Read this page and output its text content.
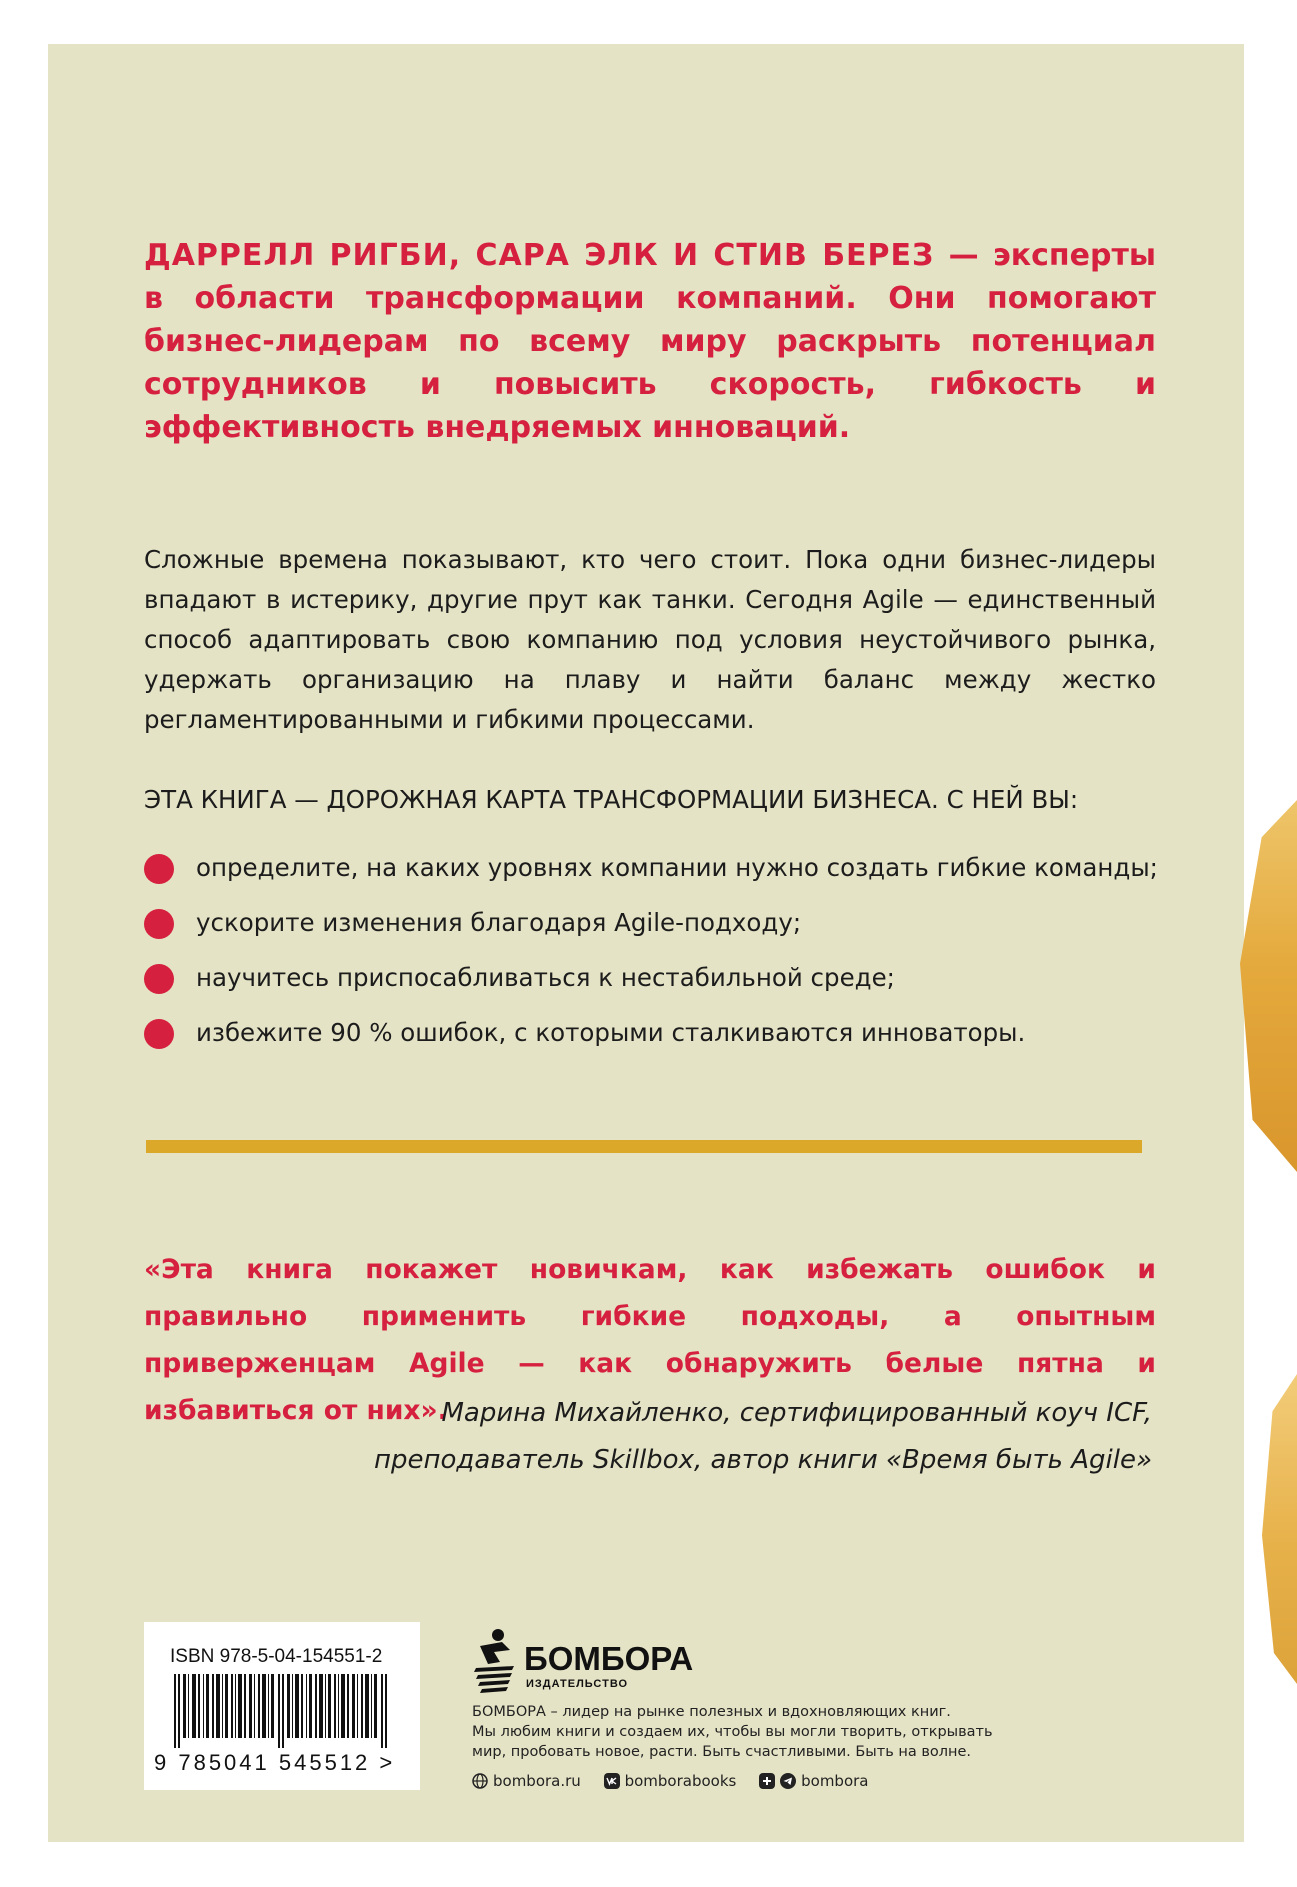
ДАРРЕЛЛ РИГБИ, САРА ЭЛК И СТИВ БЕРЕЗ — эксперты в области трансформации компаний. Они помогают бизнес-лидерам по всему миру раскрыть потенциал сотрудников и повысить скорость, гибкость и эффективность внедряемых инноваций.

Сложные времена показывают, кто чего стоит. Пока одни бизнес-лидеры впадают в истерику, другие прут как танки. Сегодня Agile — единственный способ адаптировать свою компанию под условия неустойчивого рынка, удержать организацию на плаву и найти баланс между жестко регламентированными и гибкими процессами.

ЭТА КНИГА — ДОРОЖНАЯ КАРТА ТРАНСФОРМАЦИИ БИЗНЕСА. С НЕЙ ВЫ:

определите, на каких уровнях компании нужно создать гибкие команды;
ускорите изменения благодаря Agile-подходу;
научитесь приспосабливаться к нестабильной среде;
избежите 90 % ошибок, с которыми сталкиваются инноваторы.

«Эта книга покажет новичкам, как избежать ошибок и правильно применить гибкие подходы, а опытным приверженцам Agile — как обнаружить белые пятна и избавиться от них».

Марина Михайленко, сертифицированный коуч ICF,
преподаватель Skillbox, автор книги «Время быть Agile»

ISBN 978-5-04-154551-2
9 785041 545512 >
БОМБОРА
ИЗДАТЕЛЬСТВО

БОМБОРА – лидер на рынке полезных и вдохновляющих книг.
Мы любим книги и создаем их, чтобы вы могли творить, открывать
мир, пробовать новое, расти. Быть счастливыми. Быть на волне.

bombora.ru
	bomborabooks
	bombora
